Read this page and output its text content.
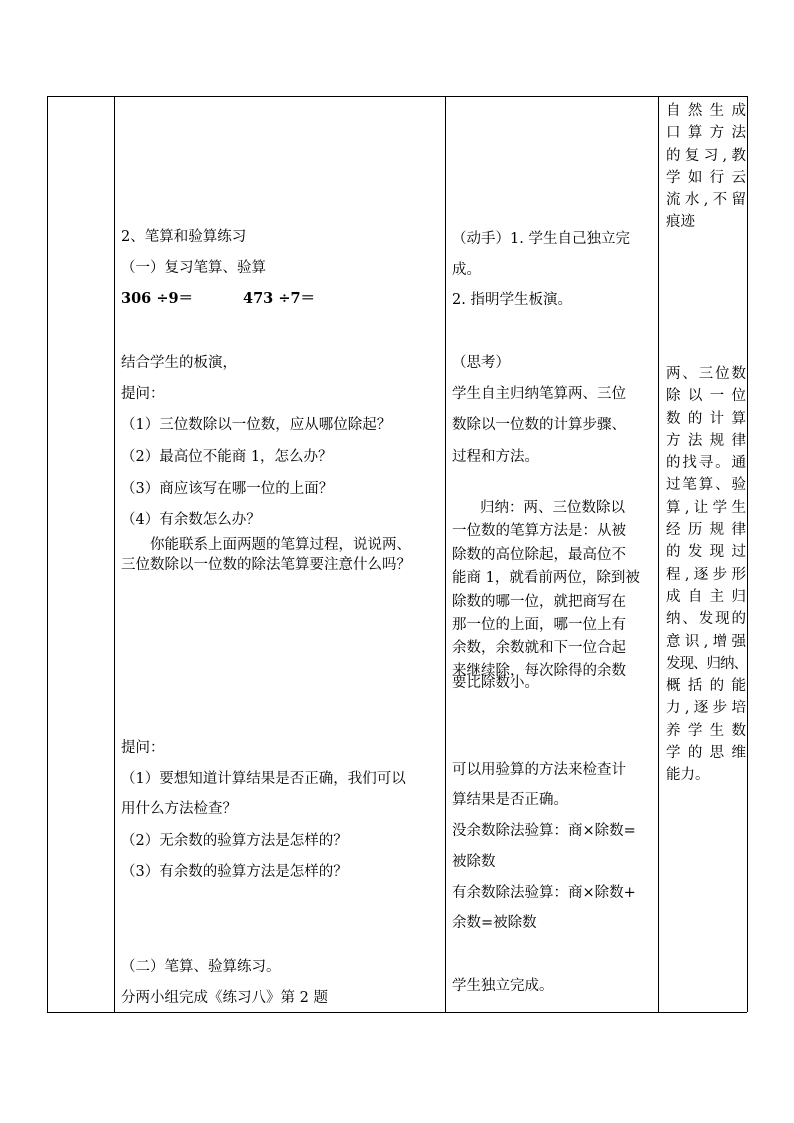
2、笔算和验算练习
（一）复习笔算、验算
306 ÷9＝	473 ÷7＝
结合学生的板演，
提问：
（1）三位数除以一位数，应从哪位除起？
（2）最高位不能商 1，怎么办？
（3）商应该写在哪一位的上面？
（4）有余数怎么办？
你能联系上面两题的笔算过程，说说两、
三位数除以一位数的除法笔算要注意什么吗？
提问：
（1）要想知道计算结果是否正确，我们可以
用什么方法检查？
（2）无余数的验算方法是怎样的？
（3）有余数的验算方法是怎样的？
（二）笔算、验算练习。
分两小组完成《练习八》第 2 题
（动手）1. 学生自己独立完
成。
2. 指明学生板演。
（思考）
学生自主归纳笔算两、三位
数除以一位数的计算步骤、
过程和方法。
归纳：两、三位数除以
一位数的笔算方法是：从被
除数的高位除起，最高位不
能商 1，就看前两位，除到被
除数的哪一位，就把商写在
那一位的上面，哪一位上有
余数，余数就和下一位合起
来继续除，每次除得的余数
要比除数小。
可以用验算的方法来检查计
算结果是否正确。
没余数除法验算：商×除数=
被除数
有余数除法验算：商×除数+
余数=被除数
学生独立完成。
自然生成
口算方法
的复习,教
学如行云
流水,不留
痕迹
两、三位数
除以一位
数的计算
方法规律
的找寻。通
过笔算、验
算,让学生
经历规律
的发现过
程,逐步形
成自主归
纳、发现的
意识,增强
发现、归纳、
概括的能
力,逐步培
养学生数
学的思维
能力。
